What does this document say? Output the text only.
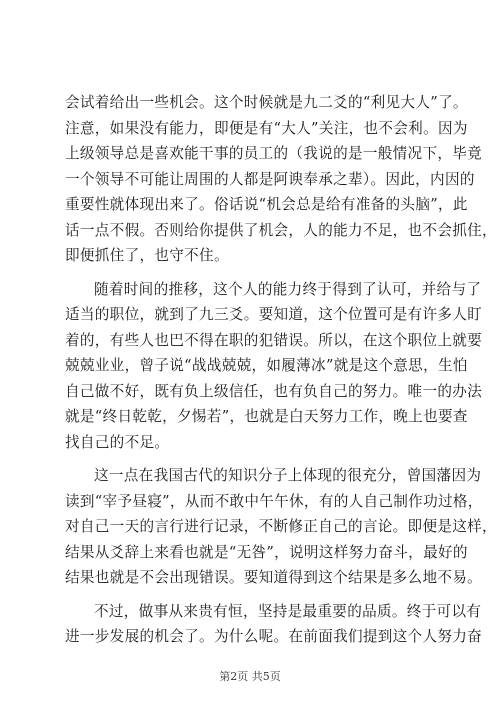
会试着给出一些机会。这个时候就是九二爻的“利见大人”了。
注意，如果没有能力，即便是有“大人”关注，也不会利。因为
上级领导总是喜欢能干事的员工的（我说的是一般情况下，毕竟
一个领导不可能让周围的人都是阿谀奉承之辈）。因此，内因的
重要性就体现出来了。俗话说“机会总是给有准备的头脑”，此
话一点不假。否则给你提供了机会，人的能力不足，也不会抓住，
即便抓住了，也守不住。
随着时间的推移，这个人的能力终于得到了认可，并给与了
适当的职位，就到了九三爻。要知道，这个位置可是有许多人盯
着的，有些人也巴不得在职的犯错误。所以，在这个职位上就要
兢兢业业，曾子说“战战兢兢，如履薄冰”就是这个意思，生怕
自己做不好，既有负上级信任，也有负自己的努力。唯一的办法
就是“终日乾乾，夕惕若”，也就是白天努力工作，晚上也要查
找自己的不足。
这一点在我国古代的知识分子上体现的很充分，曾国藩因为
读到“宰予昼寝”，从而不敢中午午休，有的人自己制作功过格，
对自己一天的言行进行记录，不断修正自己的言论。即便是这样，
结果从爻辞上来看也就是“无咎”，说明这样努力奋斗，最好的
结果也就是不会出现错误。要知道得到这个结果是多么地不易。
不过，做事从来贵有恒，坚持是最重要的品质。终于可以有
进一步发展的机会了。为什么呢。在前面我们提到这个人努力奋
第2页 共5页
